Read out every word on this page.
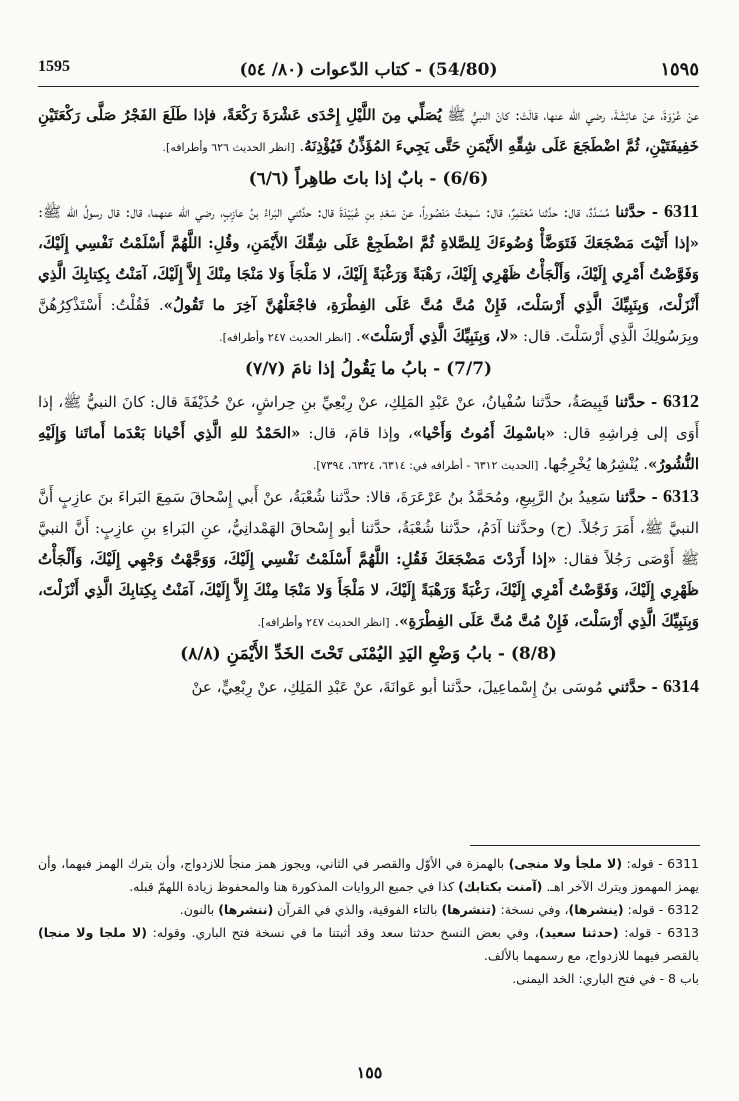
1595	(54/80) - كتاب الدّعوات (٨٠/ ٥٤)	١٥٩٥

عنْ عُرْوَةَ، عنْ عائِشَةَ، رضي الله عنها، قالَتْ: كانَ النبيُّ ﷺ يُصَلِّي مِنَ اللَّيْلِ إِحْدَى عَشْرَةَ رَكْعَةً، فإذا طَلَعَ الفَجْرُ صَلَّى رَكْعَتَيْنِ خَفِيفَتَيْنِ، ثُمَّ اضْطَجَعَ عَلَى شِقِّهِ الأَيْمَنِ حَتَّى يَجِيءَ المُؤَذِّنُ فَيُؤْذِنَهُ. [انظر الحديث ٦٢٦ وأطرافه].

(6/6) - بابٌ إذا باتَ طاهِراً (٦/٦)

6311 - حدَّثنا مُسَدَّدٌ، قال: حدَّثنا مُعْتَمِرٌ، قال: سَمِعْتُ مَنْصُوراً، عنْ سَعْدِ بنِ عُبَيْدَةَ قال: حدَّثني البَراءُ بنُ عازِبٍ، رضي الله عنهما، قال: قال رسولُ الله ﷺ: «إذا أَتَيْتَ مَضْجَعَكَ فَتَوَضَّأْ وُضُوءَكَ لِلصَّلاةِ ثُمَّ اضْطَجِعْ عَلَى شِقِّكَ الأَيْمَنِ، وقُلِ: اللَّهُمَّ أَسْلَمْتُ نَفْسِي إِلَيْكَ، وَفَوَّضْتُ أَمْرِي إِلَيْكَ، وَأَلْجَأْتُ ظَهْرِي إِلَيْكَ، رَهْبَةً وَرَغْبَةً إِلَيْكَ، لا مَلْجَأَ وَلا مَنْجَا مِنْكَ إِلاَّ إِلَيْكَ، آمَنْتُ بِكِتابِكَ الَّذِي أَنْزَلْتَ، وَبِنَبِيِّكَ الَّذِي أَرْسَلْتَ، فَإِنْ مُتَّ مُتَّ عَلَى الفِطْرَةِ، فاجْعَلْهُنَّ آخِرَ ما تَقُولُ». فَقُلْتُ: أَسْتَذْكِرُهُنَّ وبِرَسُولِكَ الَّذِي أَرْسَلْتَ. قال: «لا، وَبِنَبِيِّكَ الَّذِي أَرْسَلْتَ». [انظر الحديث ٢٤٧ وأطرافه].

(7/7) - بابُ ما يَقُولُ إذا نامَ (٧/٧)

6312 - حدَّثنا قَبِيصَةُ، حدَّثنا سُفْيانُ، عنْ عَبْدِ المَلِكِ، عنْ رِبْعِيِّ بنِ حِراشٍ، عنْ حُذَيْفَةَ قال: كانَ النبيُّ ﷺ، إذا أَوَى إلى فِراشِهِ قال: «باسْمِكَ أَمُوتُ وَأَحْيا»، وإذا قامَ، قال: «الحَمْدُ للهِ الَّذِي أَحْيانا بَعْدَما أَماتَنا وَإِلَيْهِ النُّشُورُ». يُنْشِرُها يُخْرِجُها. [الحديث ٦٣١٢ - أطرافه في: ٦٣١٤، ٦٣٢٤، ٧٣٩٤].

6313 - حدَّثنا سَعِيدُ بنُ الرَّبِيعِ، ومُحَمَّدُ بنُ عَرْعَرَةَ، قالا: حدَّثنا شُعْبَةُ، عنْ أَبي إِسْحاقَ سَمِعَ البَراءَ بنَ عازِبٍ أَنَّ النبيَّ ﷺ، أَمَرَ رَجُلاً. (ح) وحدَّثنا آدَمُ، حدَّثنا شُعْبَةُ، حدَّثنا أبو إِسْحاقَ الهَمْدانِيُّ، عنِ البَراءِ بنِ عازِبٍ: أَنَّ النبيَّ ﷺ أَوْصَى رَجُلاً فقال: «إذا أَرَدْتَ مَضْجَعَكَ فَقُلِ: اللَّهُمَّ أَسْلَمْتُ نَفْسِي إِلَيْكَ، وَوَجَّهْتُ وَجْهِي إِلَيْكَ، وَأَلْجَأْتُ ظَهْرِي إِلَيْكَ، وَفَوَّضْتُ أَمْرِي إِلَيْكَ، رَغْبَةً وَرَهْبَةً إِلَيْكَ، لا مَلْجَأَ وَلا مَنْجَا مِنْكَ إِلاَّ إِلَيْكَ، آمَنْتُ بِكِتابِكَ الَّذِي أَنْزَلْتَ، وَبِنَبِيِّكَ الَّذِي أَرْسَلْتَ، فَإِنْ مُتَّ مُتَّ عَلَى الفِطْرَةِ». [انظر الحديث ٢٤٧ وأطرافه].

(8/8) - بابُ وَضْعِ اليَدِ اليُمْنَى تَحْتَ الخَدِّ الأَيْمَنِ (٨/٨)

6314 - حدَّثني مُوسَى بنُ إِسْماعِيلَ، حدَّثنا أبو عَوانَةَ، عنْ عَبْدِ المَلِكِ، عنْ رِبْعِيٍّ، عنْ

6311 - قوله: (لا ملجأ ولا منجى) بالهمزة في الأوّل والقصر في الثاني، ويجوز همز منجأ للازدواج، وأن يترك الهمز فيهما، وأن يهمز المهموز ويترك الآخر اهـ. (آمنت بكتابك) كذا في جميع الروايات المذكورة هنا والمحفوظ زيادة اللهمّ قبله.

6312 - قوله: (ينشرها)، وفي نسخة: (تنشرها) بالتاء الفوقية، والذي في القرآن (ننشرها) بالنون.

6313 - قوله: (حدثنا سعيد)، وفي بعض النسخ حدثنا سعد وقد أثبتنا ما في نسخة فتح الباري. وقوله: (لا ملجا ولا منجا) بالقصر فيهما للازدواج، مع رسمهما بالألف.

باب 8 - في فتح الباري: الخد اليمنى.

١٥٥
